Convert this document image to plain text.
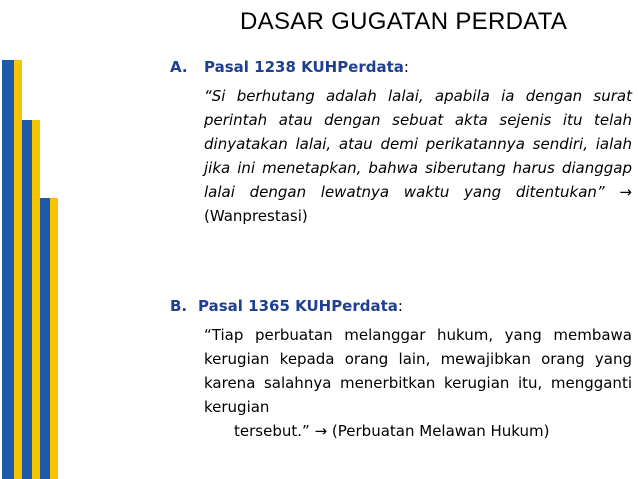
DASAR GUGATAN PERDATA
A. Pasal 1238 KUHPerdata:
“Si berhutang adalah lalai, apabila ia dengan surat perintah atau dengan sebuat akta sejenis itu telah dinyatakan lalai, atau demi perikatannya sendiri, ialah jika ini menetapkan, bahwa siberutang harus dianggap lalai dengan lewatnya waktu yang ditentukan” →
(Wanprestasi)
B. Pasal 1365 KUHPerdata:
“Tiap perbuatan melanggar hukum, yang membawa kerugian kepada orang lain, mewajibkan orang yang karena salahnya menerbitkan kerugian itu, mengganti kerugian
tersebut.” → (Perbuatan Melawan Hukum)
